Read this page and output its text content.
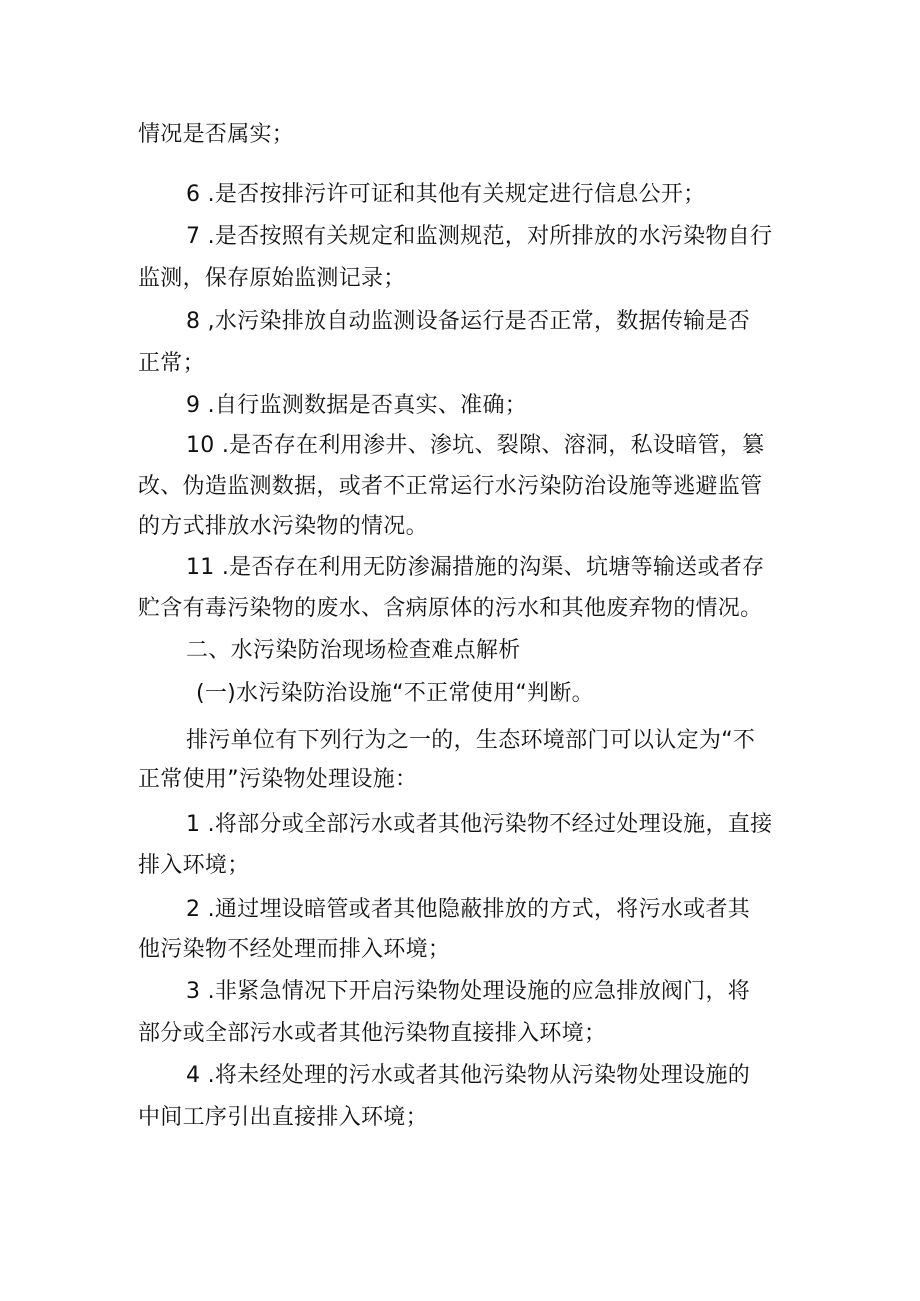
情况是否属实；
6 .是否按排污许可证和其他有关规定进行信息公开；
7 .是否按照有关规定和监测规范，对所排放的水污染物自行
监测，保存原始监测记录；
8 ,水污染排放自动监测设备运行是否正常，数据传输是否
正常；
9 .自行监测数据是否真实、准确；
10 .是否存在利用渗井、渗坑、裂隙、溶洞，私设暗管，篡
改、伪造监测数据，或者不正常运行水污染防治设施等逃避监管
的方式排放水污染物的情况。
11 .是否存在利用无防渗漏措施的沟渠、坑塘等输送或者存
贮含有毒污染物的废水、含病原体的污水和其他废弃物的情况。
二、水污染防治现场检查难点解析
(一)水污染防治设施“不正常使用“判断。
排污单位有下列行为之一的，生态环境部门可以认定为“不
正常使用”污染物处理设施：
1 .将部分或全部污水或者其他污染物不经过处理设施，直接
排入环境；
2 .通过埋设暗管或者其他隐蔽排放的方式，将污水或者其
他污染物不经处理而排入环境；
3 .非紧急情况下开启污染物处理设施的应急排放阀门，将
部分或全部污水或者其他污染物直接排入环境；
4 .将未经处理的污水或者其他污染物从污染物处理设施的
中间工序引出直接排入环境；
